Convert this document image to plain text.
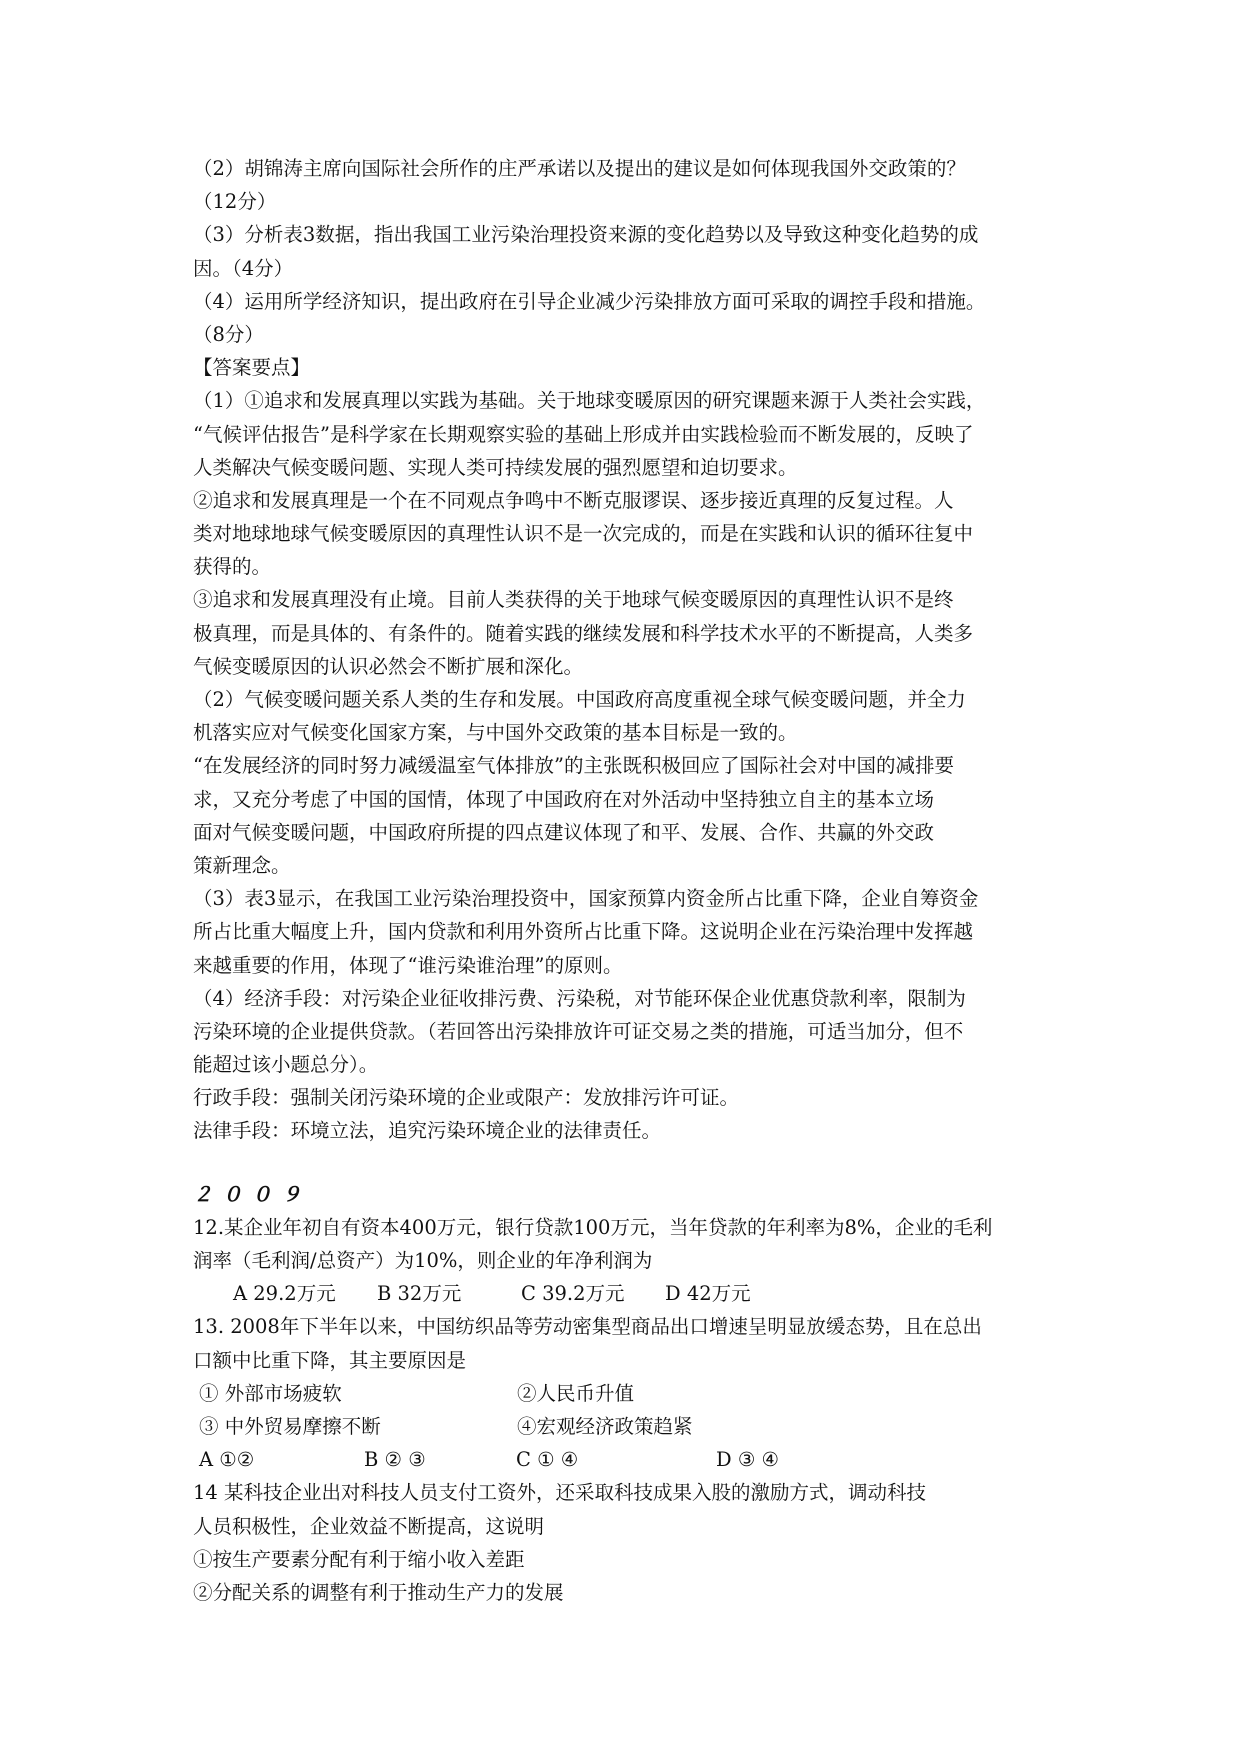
（2）胡锦涛主席向国际社会所作的庄严承诺以及提出的建议是如何体现我国外交政策的？
（12分）
（3）分析表3数据，指出我国工业污染治理投资来源的变化趋势以及导致这种变化趋势的成
因。（4分）
（4）运用所学经济知识，提出政府在引导企业减少污染排放方面可采取的调控手段和措施。
（8分）
【答案要点】
（1）①追求和发展真理以实践为基础。关于地球变暖原因的研究课题来源于人类社会实践，
“气候评估报告”是科学家在长期观察实验的基础上形成并由实践检验而不断发展的，反映了
人类解决气候变暖问题、实现人类可持续发展的强烈愿望和迫切要求。
②追求和发展真理是一个在不同观点争鸣中不断克服谬误、逐步接近真理的反复过程。人
类对地球地球气候变暖原因的真理性认识不是一次完成的，而是在实践和认识的循环往复中
获得的。
③追求和发展真理没有止境。目前人类获得的关于地球气候变暖原因的真理性认识不是终
极真理，而是具体的、有条件的。随着实践的继续发展和科学技术水平的不断提高，人类多
气候变暖原因的认识必然会不断扩展和深化。
（2）气候变暖问题关系人类的生存和发展。中国政府高度重视全球气候变暖问题，并全力
机落实应对气候变化国家方案，与中国外交政策的基本目标是一致的。
“在发展经济的同时努力减缓温室气体排放”的主张既积极回应了国际社会对中国的减排要
求，又充分考虑了中国的国情，体现了中国政府在对外活动中坚持独立自主的基本立场
面对气候变暖问题，中国政府所提的四点建议体现了和平、发展、合作、共赢的外交政
策新理念。
（3）表3显示，在我国工业污染治理投资中，国家预算内资金所占比重下降，企业自筹资金
所占比重大幅度上升，国内贷款和利用外资所占比重下降。这说明企业在污染治理中发挥越
来越重要的作用，体现了“谁污染谁治理”的原则。
（4）经济手段：对污染企业征收排污费、污染税，对节能环保企业优惠贷款利率，限制为
污染环境的企业提供贷款。（若回答出污染排放许可证交易之类的措施，可适当加分，但不
能超过该小题总分）。
行政手段：强制关闭污染环境的企业或限产：发放排污许可证。
法律手段：环境立法，追究污染环境企业的法律责任。
２００９
12.某企业年初自有资本400万元，银行贷款100万元，当年贷款的年利率为8%，企业的毛利
润率（毛利润/总资产）为10%，则企业的年净利润为
A 29.2万元	B 32万元	C 39.2万元	D 42万元
13. 2008年下半年以来，中国纺织品等劳动密集型商品出口增速呈明显放缓态势，且在总出
口额中比重下降，其主要原因是
① 外部市场疲软	②人民币升值
③ 中外贸易摩擦不断	④宏观经济政策趋紧
A ①②	B ② ③	C ① ④	D ③ ④
14 某科技企业出对科技人员支付工资外，还采取科技成果入股的激励方式，调动科技
人员积极性，企业效益不断提高，这说明
①按生产要素分配有利于缩小收入差距
②分配关系的调整有利于推动生产力的发展
